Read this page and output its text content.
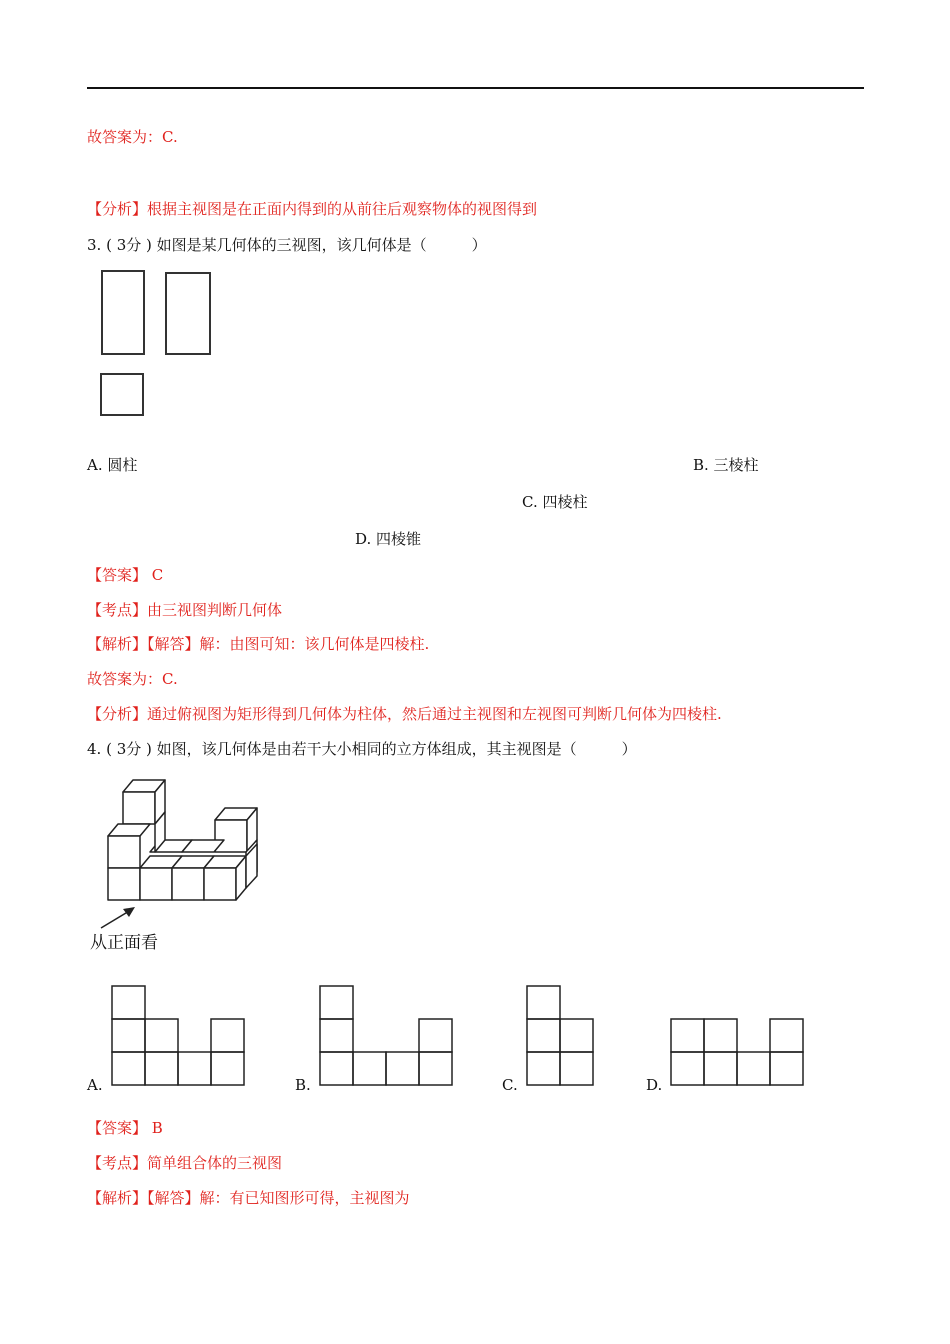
故答案为：C.
【分析】根据主视图是在正面内得到的从前往后观察物体的视图得到
3. ( 3分 ) 如图是某几何体的三视图，该几何体是（　　　）
A. 圆柱	B. 三棱柱
C. 四棱柱
D. 四棱锥
【答案】 C
【考点】由三视图判断几何体
【解析】【解答】解：由图可知：该几何体是四棱柱.
故答案为：C.
【分析】通过俯视图为矩形得到几何体为柱体，然后通过主视图和左视图可判断几何体为四棱柱.
4. ( 3分 ) 如图，该几何体是由若干大小相同的立方体组成，其主视图是（　　　）
从正面看
A.	B.	C.	D.
【答案】 B
【考点】简单组合体的三视图
【解析】【解答】解：有已知图形可得，主视图为
